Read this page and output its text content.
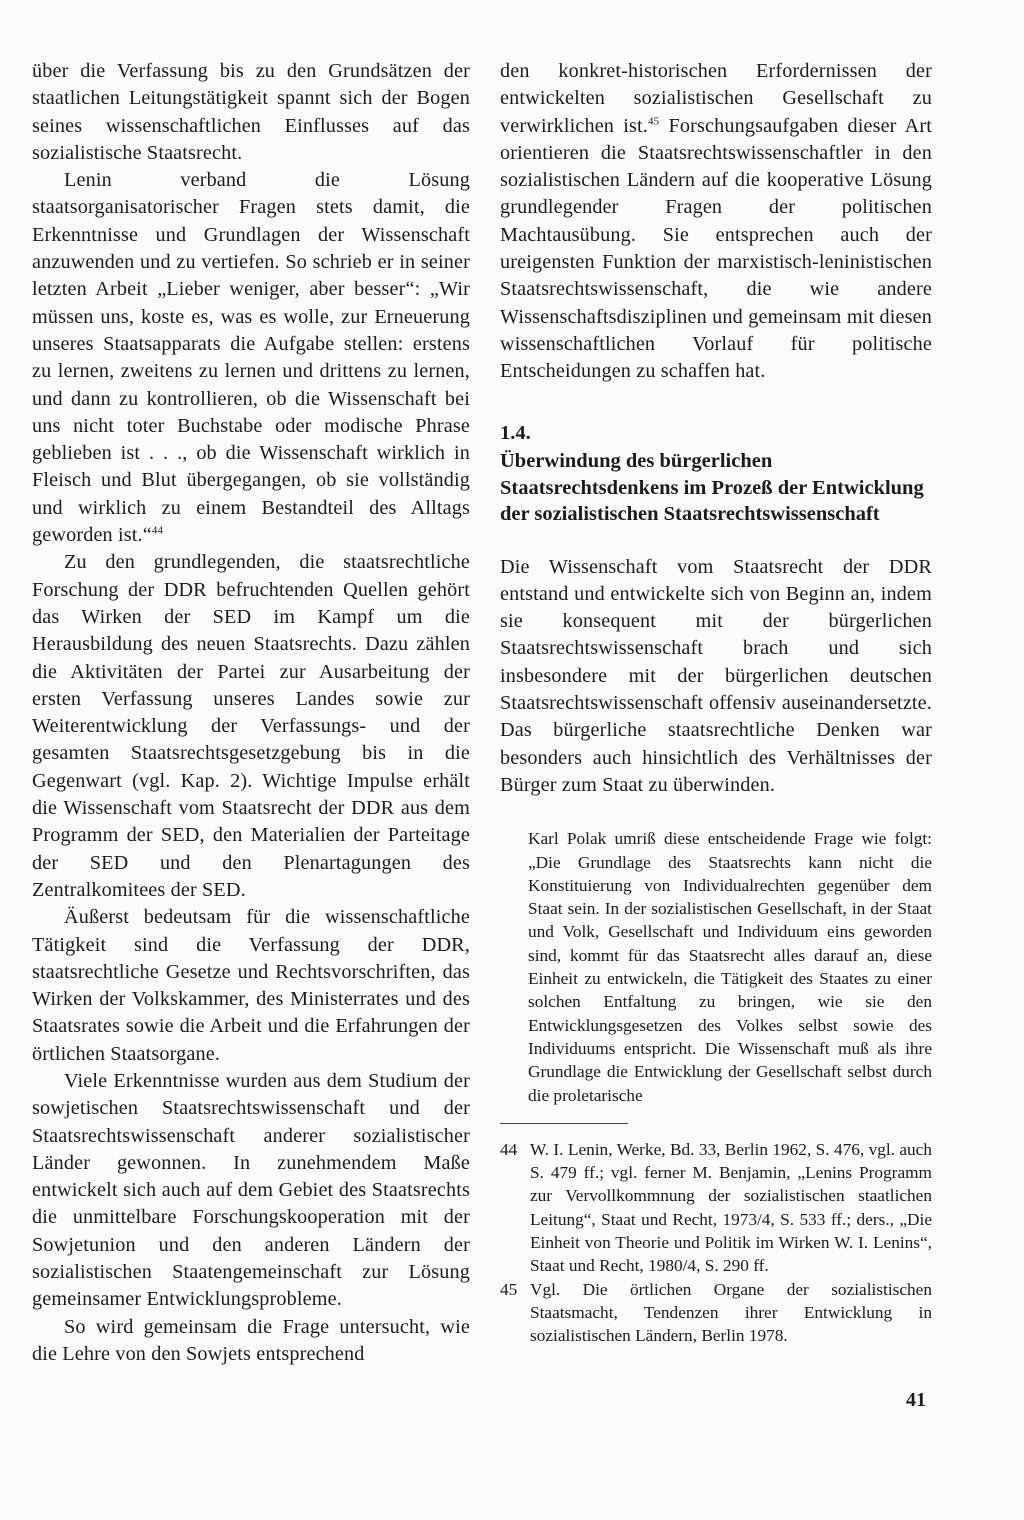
über die Verfassung bis zu den Grundsätzen der staatlichen Leitungstätigkeit spannt sich der Bogen seines wissenschaftlichen Einflusses auf das sozialistische Staatsrecht.

Lenin verband die Lösung staatsorganisatorischer Fragen stets damit, die Erkenntnisse und Grundlagen der Wissenschaft anzuwenden und zu vertiefen. So schrieb er in seiner letzten Arbeit „Lieber weniger, aber besser“: „Wir müssen uns, koste es, was es wolle, zur Erneuerung unseres Staatsapparats die Aufgabe stellen: erstens zu lernen, zweitens zu lernen und drittens zu lernen, und dann zu kontrollieren, ob die Wissenschaft bei uns nicht toter Buchstabe oder modische Phrase geblieben ist . . ., ob die Wissenschaft wirklich in Fleisch und Blut übergegangen, ob sie vollständig und wirklich zu einem Bestandteil des Alltags geworden ist.“$^{44}$

Zu den grundlegenden, die staatsrechtliche Forschung der DDR befruchtenden Quellen gehört das Wirken der SED im Kampf um die Herausbildung des neuen Staatsrechts. Dazu zählen die Aktivitäten der Partei zur Ausarbeitung der ersten Verfassung unseres Landes sowie zur Weiterentwicklung der Verfassungs- und der gesamten Staatsrechtsgesetzgebung bis in die Gegenwart (vgl. Kap. 2). Wichtige Impulse erhält die Wissenschaft vom Staatsrecht der DDR aus dem Programm der SED, den Materialien der Parteitage der SED und den Plenartagungen des Zentralkomitees der SED.

Äußerst bedeutsam für die wissenschaftliche Tätigkeit sind die Verfassung der DDR, staatsrechtliche Gesetze und Rechtsvorschriften, das Wirken der Volkskammer, des Ministerrates und des Staatsrates sowie die Arbeit und die Erfahrungen der örtlichen Staatsorgane.

Viele Erkenntnisse wurden aus dem Studium der sowjetischen Staatsrechtswissenschaft und der Staatsrechtswissenschaft anderer sozialistischer Länder gewonnen. In zunehmendem Maße entwickelt sich auch auf dem Gebiet des Staatsrechts die unmittelbare Forschungskooperation mit der Sowjetunion und den anderen Ländern der sozialistischen Staatengemeinschaft zur Lösung gemeinsamer Entwicklungsprobleme.

So wird gemeinsam die Frage untersucht, wie die Lehre von den Sowjets entsprechend

den konkret-historischen Erfordernissen der entwickelten sozialistischen Gesellschaft zu verwirklichen ist.$^{45}$ Forschungsaufgaben dieser Art orientieren die Staatsrechtswissenschaftler in den sozialistischen Ländern auf die kooperative Lösung grundlegender Fragen der politischen Machtausübung. Sie entsprechen auch der ureigensten Funktion der marxistisch-leninistischen Staatsrechtswissenschaft, die wie andere Wissenschaftsdisziplinen und gemeinsam mit diesen wissenschaftlichen Vorlauf für politische Entscheidungen zu schaffen hat.

1.4.
Überwindung des bürgerlichen Staatsrechtsdenkens im Prozeß der Entwicklung der sozialistischen Staatsrechtswissenschaft

Die Wissenschaft vom Staatsrecht der DDR entstand und entwickelte sich von Beginn an, indem sie konsequent mit der bürgerlichen Staatsrechtswissenschaft brach und sich insbesondere mit der bürgerlichen deutschen Staatsrechtswissenschaft offensiv auseinandersetzte. Das bürgerliche staatsrechtliche Denken war besonders auch hinsichtlich des Verhältnisses der Bürger zum Staat zu überwinden.

Karl Polak umriß diese entscheidende Frage wie folgt: „Die Grundlage des Staatsrechts kann nicht die Konstituierung von Individualrechten gegenüber dem Staat sein. In der sozialistischen Gesellschaft, in der Staat und Volk, Gesellschaft und Individuum eins geworden sind, kommt für das Staatsrecht alles darauf an, diese Einheit zu entwickeln, die Tätigkeit des Staates zu einer solchen Entfaltung zu bringen, wie sie den Entwicklungsgesetzen des Volkes selbst sowie des Individuums entspricht. Die Wissenschaft muß als ihre Grundlage die Entwicklung der Gesellschaft selbst durch die proletarische

44 W. I. Lenin, Werke, Bd. 33, Berlin 1962, S. 476, vgl. auch S. 479 ff.; vgl. ferner M. Benjamin, „Lenins Programm zur Vervollkommnung der sozialistischen staatlichen Leitung“, Staat und Recht, 1973/4, S. 533 ff.; ders., „Die Einheit von Theorie und Politik im Wirken W. I. Lenins“, Staat und Recht, 1980/4, S. 290 ff.
45 Vgl. Die örtlichen Organe der sozialistischen Staatsmacht, Tendenzen ihrer Entwicklung in sozialistischen Ländern, Berlin 1978.
41
